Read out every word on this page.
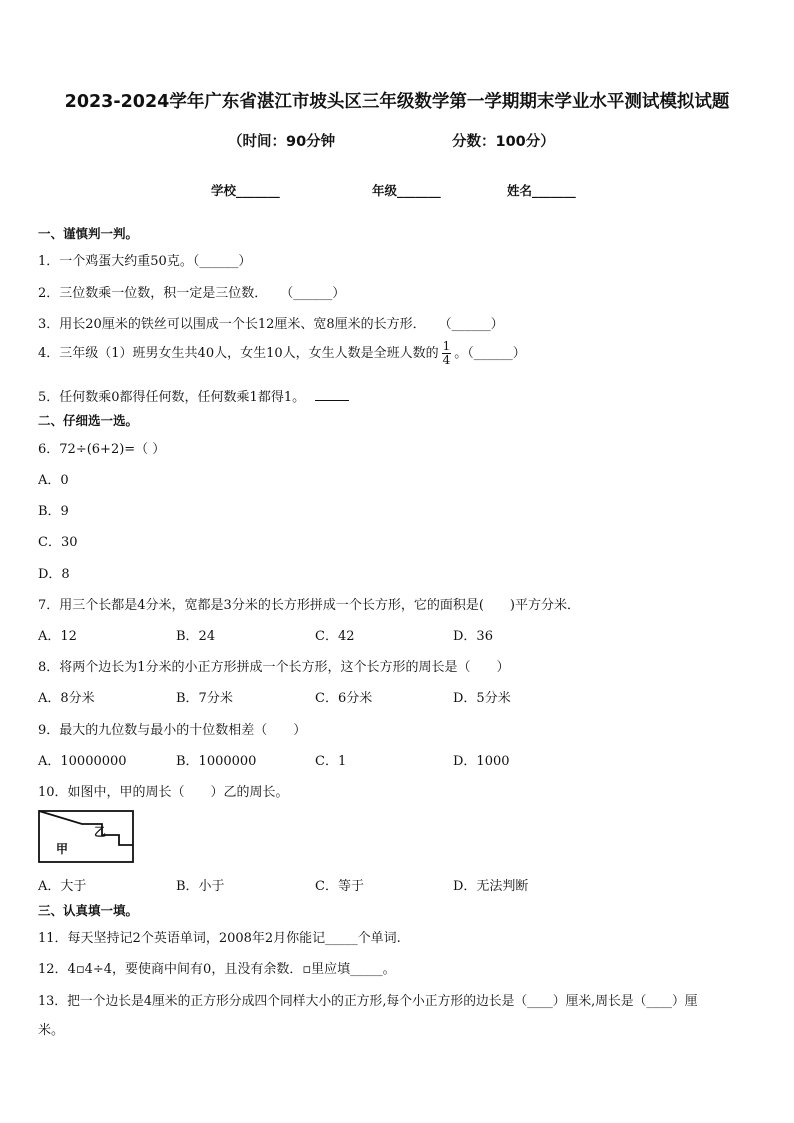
2023-2024学年广东省湛江市坡头区三年级数学第一学期期末学业水平测试模拟试题
（时间：90分钟	分数：100分）
学校_______	年级_______	姓名_______
一、谨慎判一判。
1．一个鸡蛋大约重50克。（______）
2．三位数乘一位数，积一定是三位数．　　（______）
3．用长20厘米的铁丝可以围成一个长12厘米、宽8厘米的长方形．　　（______）
4．三年级（1）班男女生共40人，女生10人，女生人数是全班人数的 $\frac{1}{4}$ 。（______）
5．任何数乘0都得任何数，任何数乘1都得1。
二、仔细选一选。
6．72÷(6+2)=（ ）
A．0
B．9
C．30
D．8
7．用三个长都是4分米，宽都是3分米的长方形拼成一个长方形，它的面积是(　　)平方分米．
A．12	B．24	C．42	D．36
8．将两个边长为1分米的小正方形拼成一个长方形，这个长方形的周长是（　　）
A．8分米	B．7分米	C．6分米	D．5分米
9．最大的九位数与最小的十位数相差（　　）
A．10000000	B．1000000	C．1	D．1000
10．如图中，甲的周长（　　）乙的周长。
甲
乙
A．大于	B．小于	C．等于	D．无法判断
三、认真填一填。
11．每天坚持记2个英语单词，2008年2月你能记_____个单词.
12．4▫4÷4，要使商中间有0，且没有余数．▫里应填_____。
13．把一个边长是4厘米的正方形分成四个同样大小的正方形,每个小正方形的边长是（____）厘米,周长是（____）厘
米。
